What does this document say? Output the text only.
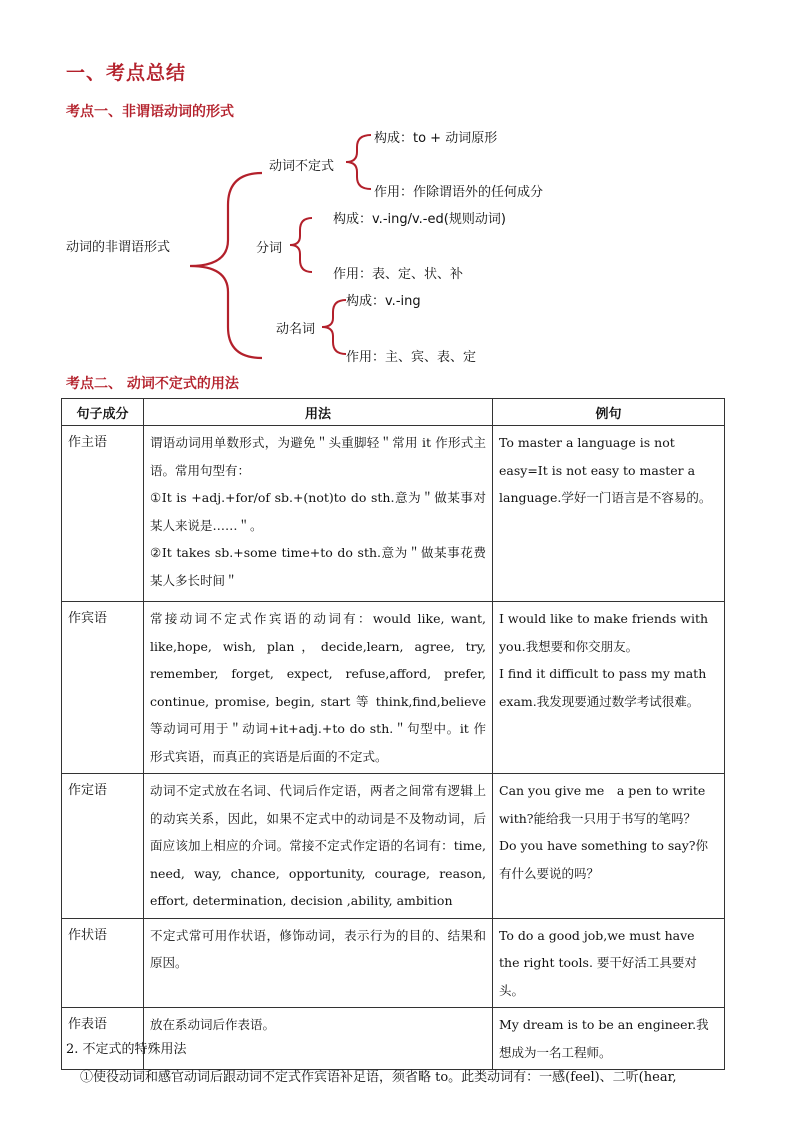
一、考点总结
考点一、非谓语动词的形式
动词的非谓语形式
动词不定式
构成：to + 动词原形
作用：作除谓语外的任何成分
分词
构成：v.-ing/v.-ed(规则动词)
作用：表、定、状、补
动名词
构成：v.-ing
作用：主、宾、表、定
考点二、 动词不定式的用法
句子成分	用法	例句
作主语	谓语动词用单数形式，为避免＂头重脚轻＂常用 it 作形式主语。常用句型有：
①It is +adj.+for/of sb.+(not)to do sth.意为＂做某事对某人来说是……＂。
②It takes sb.+some time+to do sth.意为＂做某事花费某人多长时间＂	To master a language is not easy=It is not easy to master a language.学好一门语言是不容易的。

作宾语	常接动词不定式作宾语的动词有：would like, want, like,hope, wish, plan，decide,learn, agree, try, remember, forget, expect, refuse,afford, prefer, continue, promise, begin, start 等 think,find,believe 等动词可用于＂动词+it+adj.+to do sth.＂句型中。it 作形式宾语，而真正的宾语是后面的不定式。	I would like to make friends with you.我想要和你交朋友。
I find it difficult to pass my math exam.我发现要通过数学考试很难。

作定语	动词不定式放在名词、代词后作定语，两者之间常有逻辑上的动宾关系，因此，如果不定式中的动词是不及物动词，后面应该加上相应的介词。常接不定式作定语的名词有：time, need, way, chance, opportunity, courage, reason, effort, determination, decision ,ability, ambition	Can you give me　a pen to write with?能给我一只用于书写的笔吗？
Do you have something to say?你有什么要说的吗？

作状语	不定式常可用作状语，修饰动词，表示行为的目的、结果和原因。	To do a good job,we must have the right tools. 要干好活工具要对头。

作表语	放在系动词后作表语。	My dream is to be an engineer.我想成为一名工程师。
2. 不定式的特殊用法
①使役动词和感官动词后跟动词不定式作宾语补足语，须省略 to。此类动词有：一感(feel)、二听(hear,
